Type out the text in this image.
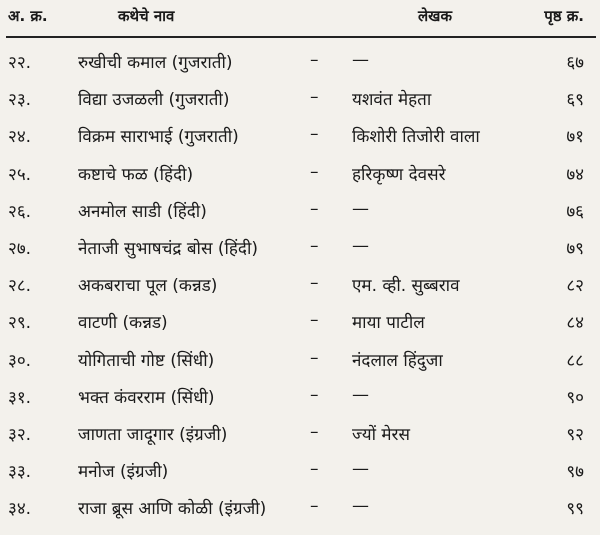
अ. क्र.	कथेचे नाव	लेखक	पृष्ठ क्र.
२२.	रुखीची कमाल (गुजराती)	– —	६७
२३.	विद्या उजळली (गुजराती)	– यशवंत मेहता	६९
२४.	विक्रम साराभाई (गुजराती)	– किशोरी तिजोरी वाला	७१
२५.	कष्टाचे फळ (हिंदी)	– हरिकृष्ण देवसरे	७४
२६.	अनमोल साडी (हिंदी)	– —	७६
२७.	नेताजी सुभाषचंद्र बोस (हिंदी)	– —	७९
२८.	अकबराचा पूल (कन्नड)	– एम. व्ही. सुब्बराव	८२
२९.	वाटणी (कन्नड)	– माया पाटील	८४
३०.	योगिताची गोष्ट (सिंधी)	– नंदलाल हिंदुजा	८८
३१.	भक्त कंवरराम (सिंधी)	– —	९०
३२.	जाणता जादूगार (इंग्रजी)	– ज्यों मेरस	९२
३३.	मनोज (इंग्रजी)	– —	९७
३४.	राजा ब्रूस आणि कोळी (इंग्रजी)	– —	९९
